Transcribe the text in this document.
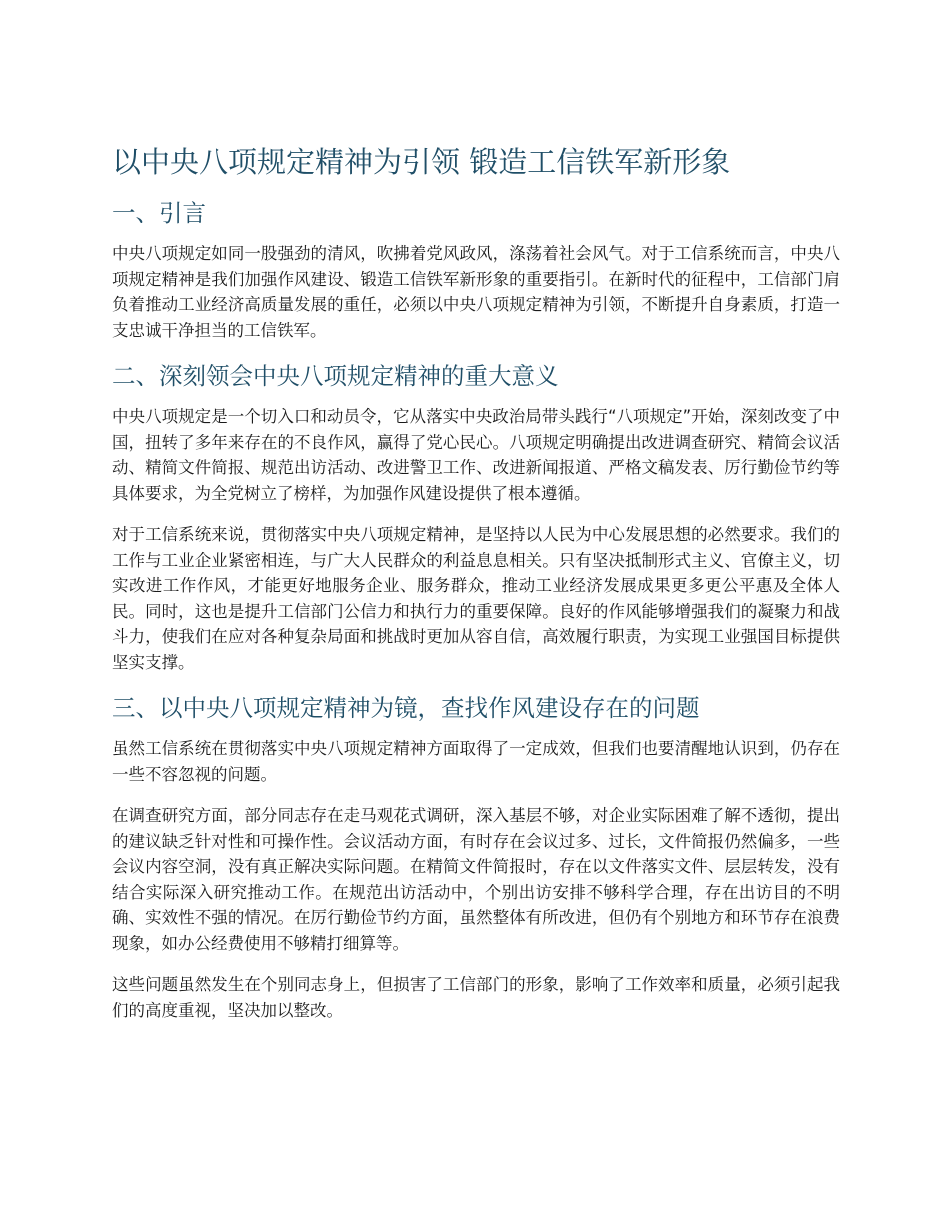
以中央八项规定精神为引领 锻造工信铁军新形象
一、引言

中央八项规定如同一股强劲的清风，吹拂着党风政风，涤荡着社会风气。对于工信系统而言，中央八项规定精神是我们加强作风建设、锻造工信铁军新形象的重要指引。在新时代的征程中，工信部门肩负着推动工业经济高质量发展的重任，必须以中央八项规定精神为引领，不断提升自身素质，打造一支忠诚干净担当的工信铁军。

二、深刻领会中央八项规定精神的重大意义

中央八项规定是一个切入口和动员令，它从落实中央政治局带头践行“八项规定”开始，深刻改变了中国，扭转了多年来存在的不良作风，赢得了党心民心。八项规定明确提出改进调查研究、精简会议活动、精简文件简报、规范出访活动、改进警卫工作、改进新闻报道、严格文稿发表、厉行勤俭节约等具体要求，为全党树立了榜样，为加强作风建设提供了根本遵循。

对于工信系统来说，贯彻落实中央八项规定精神，是坚持以人民为中心发展思想的必然要求。我们的工作与工业企业紧密相连，与广大人民群众的利益息息相关。只有坚决抵制形式主义、官僚主义，切实改进工作作风，才能更好地服务企业、服务群众，推动工业经济发展成果更多更公平惠及全体人民。同时，这也是提升工信部门公信力和执行力的重要保障。良好的作风能够增强我们的凝聚力和战斗力，使我们在应对各种复杂局面和挑战时更加从容自信，高效履行职责，为实现工业强国目标提供坚实支撑。

三、以中央八项规定精神为镜，查找作风建设存在的问题

虽然工信系统在贯彻落实中央八项规定精神方面取得了一定成效，但我们也要清醒地认识到，仍存在一些不容忽视的问题。

在调查研究方面，部分同志存在走马观花式调研，深入基层不够，对企业实际困难了解不透彻，提出的建议缺乏针对性和可操作性。会议活动方面，有时存在会议过多、过长，文件简报仍然偏多，一些会议内容空洞，没有真正解决实际问题。在精简文件简报时，存在以文件落实文件、层层转发，没有结合实际深入研究推动工作。在规范出访活动中，个别出访安排不够科学合理，存在出访目的不明确、实效性不强的情况。在厉行勤俭节约方面，虽然整体有所改进，但仍有个别地方和环节存在浪费现象，如办公经费使用不够精打细算等。

这些问题虽然发生在个别同志身上，但损害了工信部门的形象，影响了工作效率和质量，必须引起我们的高度重视，坚决加以整改。
